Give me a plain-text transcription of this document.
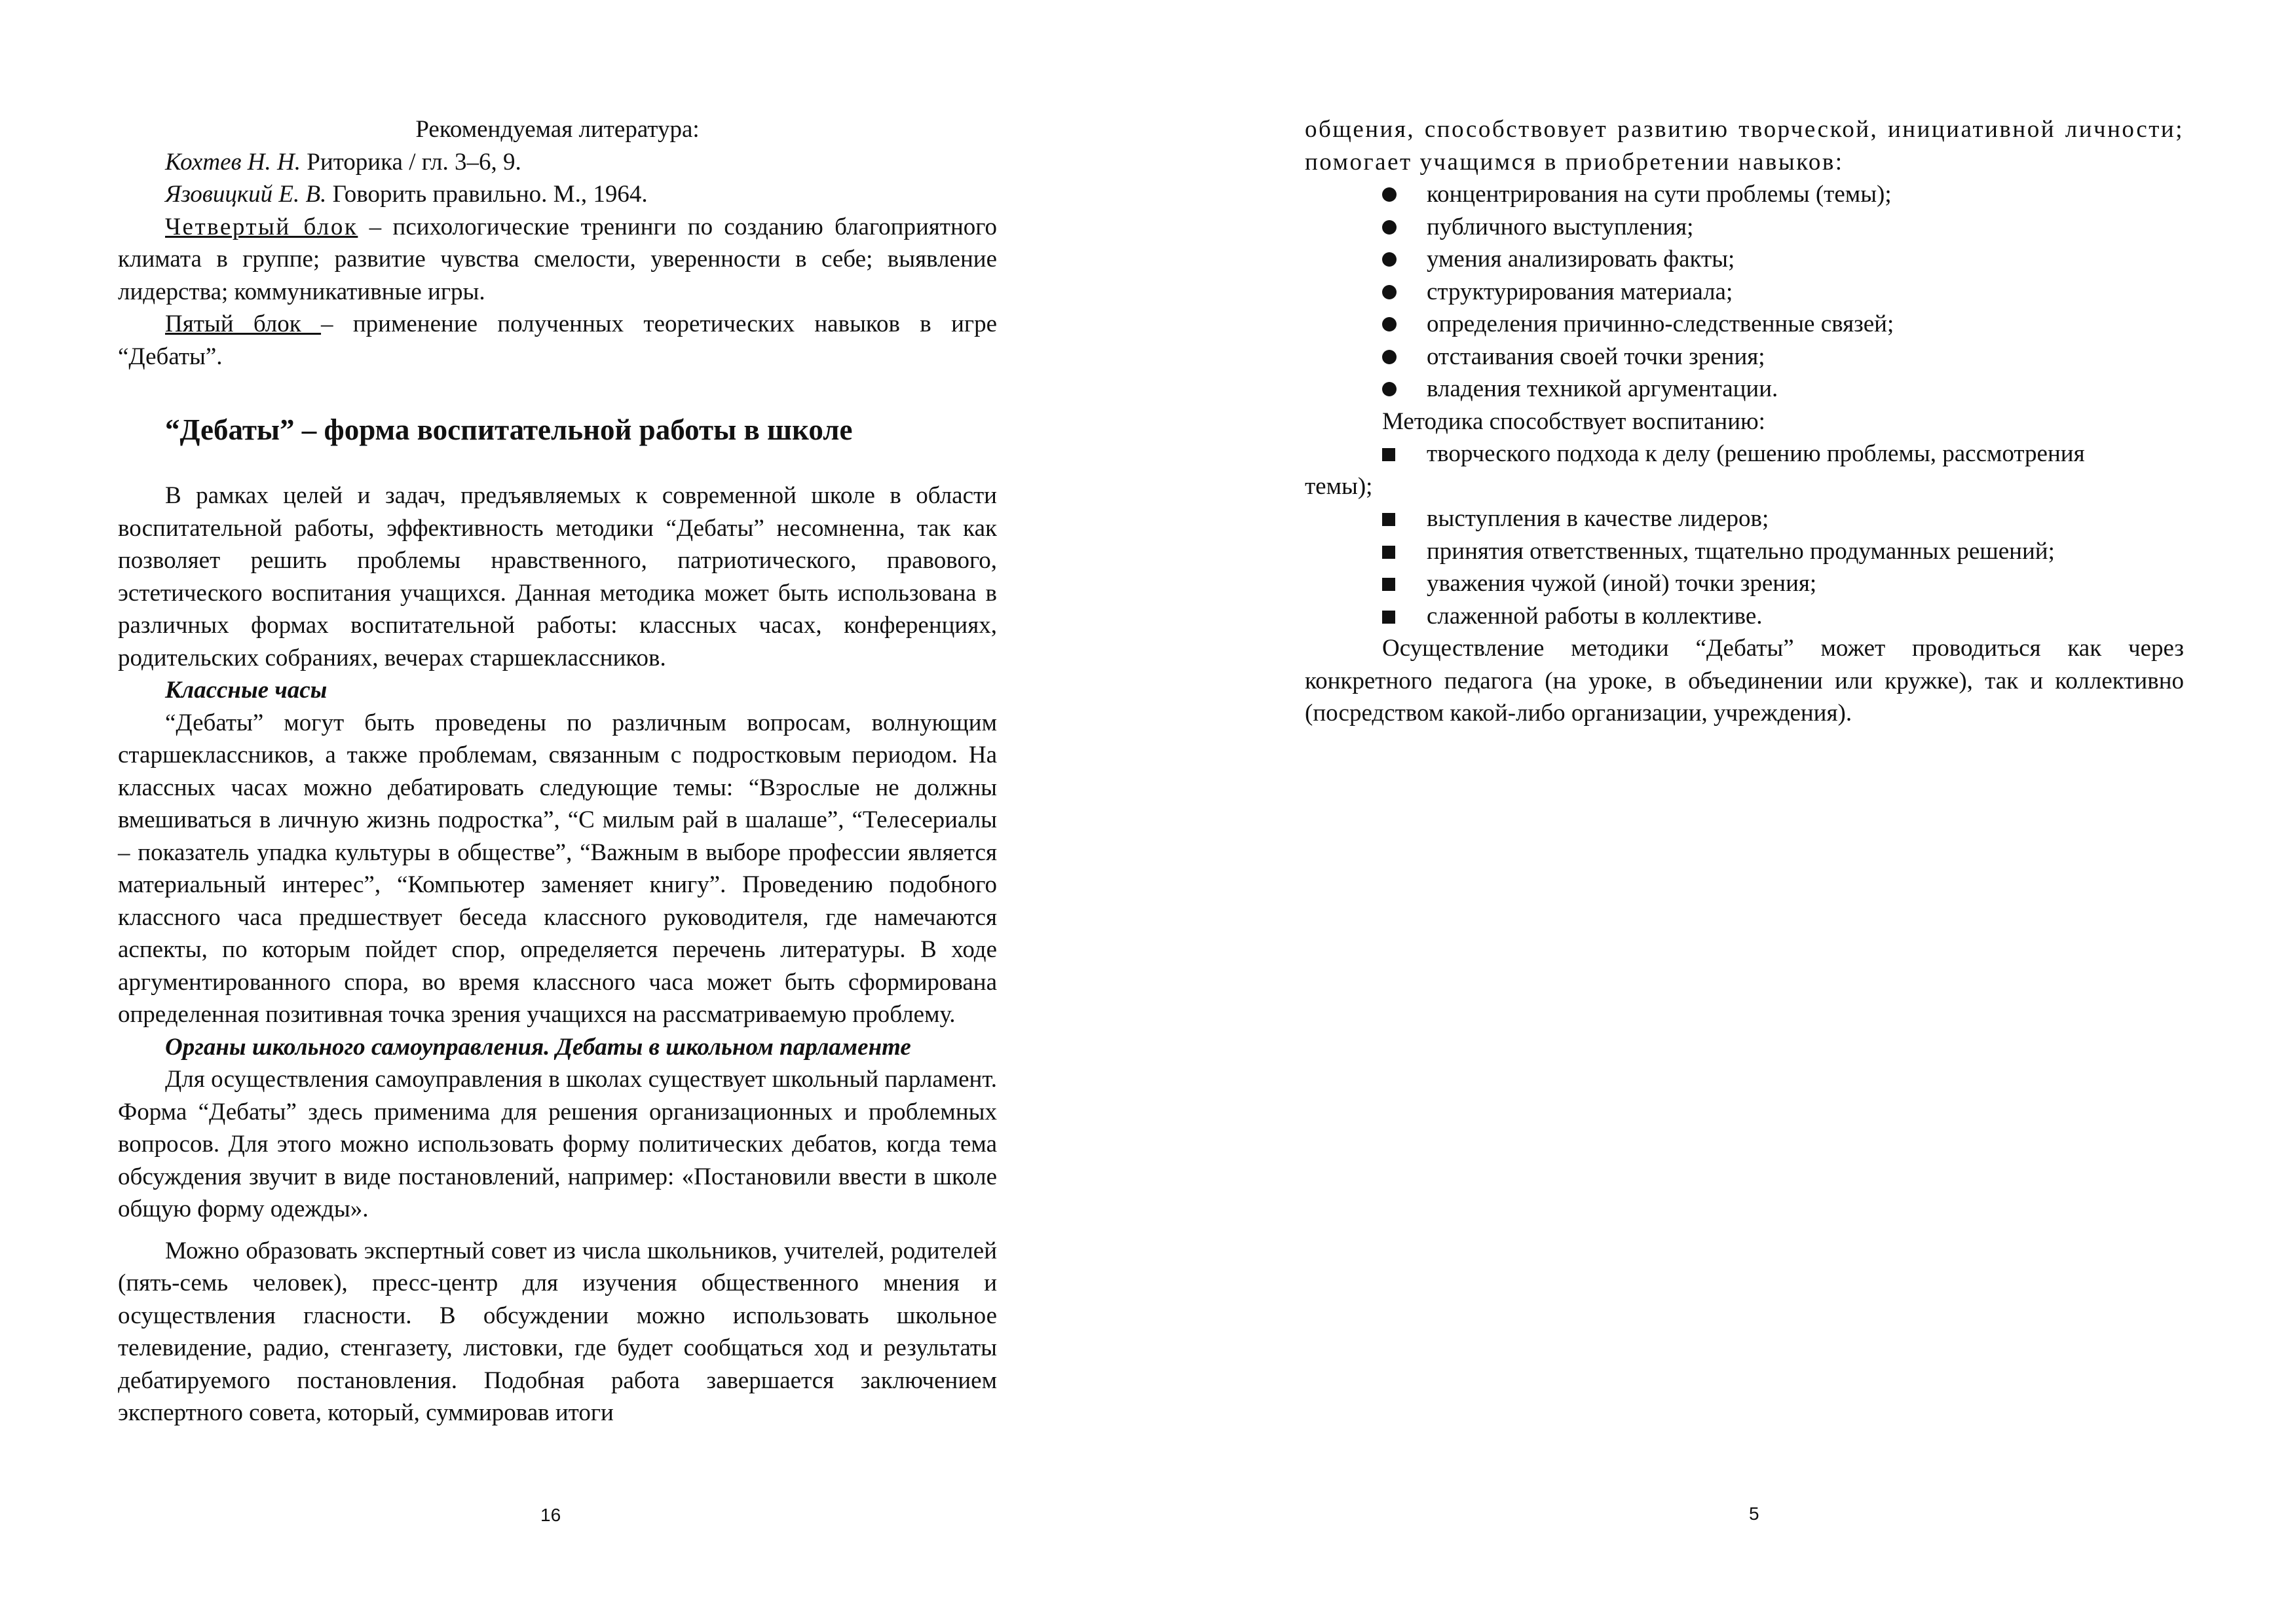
Рекомендуемая литература:

Кохтев Н. Н. Риторика / гл. 3–6, 9.

Язовицкий Е. В. Говорить правильно. М., 1964.

Четвертый блок – психологические тренинги по созданию благоприятного климата в группе; развитие чувства смелости, уверенности в себе; выявление лидерства; коммуникативные игры.

Пятый блок – применение полученных теоретических навыков в игре “Дебаты”.

“Дебаты” – форма воспитательной работы в школе

В рамках целей и задач, предъявляемых к современной школе в области воспитательной работы, эффективность методики “Дебаты” несомненна, так как позволяет решить проблемы нравственного, патриотического, правового, эстетического воспитания учащихся. Данная методика может быть использована в различных формах воспитательной работы: классных часах, конференциях, родительских собраниях, вечерах старшеклассников.

Классные часы

“Дебаты” могут быть проведены по различным вопросам, волнующим старшеклассников, а также проблемам, связанным с подростковым периодом. На классных часах можно дебатировать следующие темы: “Взрослые не должны вмешиваться в личную жизнь подростка”, “С милым рай в шалаше”, “Телесериалы – показатель упадка культуры в обществе”, “Важным в выборе профессии является материальный интерес”, “Компьютер заменяет книгу”. Проведению подобного классного часа предшествует беседа классного руководителя, где намечаются аспекты, по которым пойдет спор, определяется перечень литературы. В ходе аргументированного спора, во время классного часа может быть сформирована определенная позитивная точка зрения учащихся на рассматриваемую проблему.

Органы школьного самоуправления. Дебаты в школьном парламенте

Для осуществления самоуправления в школах существует школьный парламент. Форма “Дебаты” здесь применима для решения организационных и проблемных вопросов. Для этого можно использовать форму политических дебатов, когда тема обсуждения звучит в виде постановлений, например: «Постановили ввести в школе общую форму одежды».

Можно образовать экспертный совет из числа школьников, учителей, родителей (пять-семь человек), пресс-центр для изучения общественного мнения и осуществления гласности. В обсуждении можно использовать школьное телевидение, радио, стенгазету, листовки, где будет сообщаться ход и результаты дебатируемого постановления. Подобная работа завершается заключением экспертного совета, который, суммировав итоги

16

общения, способствовует развитию творческой, инициативной личности; помогает учащимся в приобретении навыков:

концентрирования на сути проблемы (темы);
публичного выступления;
умения анализировать факты;
структурирования материала;
определения причинно-следственные связей;
отстаивания своей точки зрения;
владения техникой аргументации.

Методика способствует воспитанию:

творческого подхода к делу (решению проблемы, рассмотрения
темы);

выступления в качестве лидеров;
принятия ответственных, тщательно продуманных решений;
уважения чужой (иной) точки зрения;
слаженной работы в коллективе.

Осуществление методики “Дебаты” может проводиться как через конкретного педагога (на уроке, в объединении или кружке), так и коллективно (посредством какой-либо организации, учреждения).

5
